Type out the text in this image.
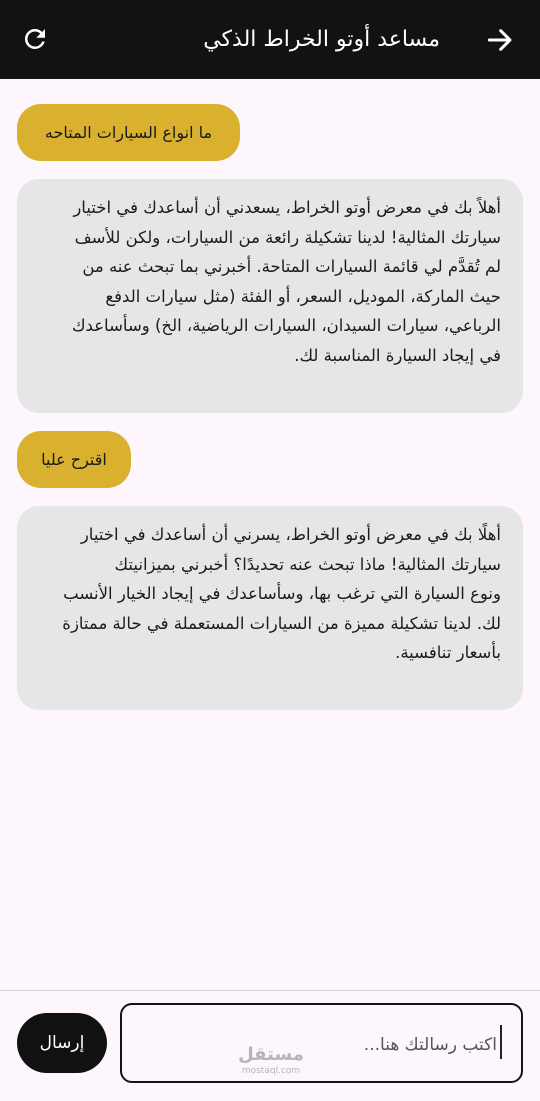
مساعد أوتو الخراط الذكي
ما انواع السيارات المتاحه
أهلاً بك في معرض أوتو الخراط، يسعدني أن أساعدك في اختيار
سيارتك المثالية! لدينا تشكيلة رائعة من السيارات، ولكن للأسف
لم تُقدَّم لي قائمة السيارات المتاحة. أخبرني بما تبحث عنه من
حيث الماركة، الموديل، السعر، أو الفئة (مثل سيارات الدفع
الرباعي، سيارات السيدان، السيارات الرياضية، الخ) وسأساعدك
في إيجاد السيارة المناسبة لك.
اقترح عليا
أهلًا بك في معرض أوتو الخراط، يسرني أن أساعدك في اختيار
سيارتك المثالية! ماذا تبحث عنه تحديدًا؟ أخبرني بميزانيتك
ونوع السيارة التي ترغب بها، وسأساعدك في إيجاد الخيار الأنسب
لك. لدينا تشكيلة مميزة من السيارات المستعملة في حالة ممتازة
بأسعار تنافسية.
إرسال
اكتب رسالتك هنا...
مستقل
mostaql.com
